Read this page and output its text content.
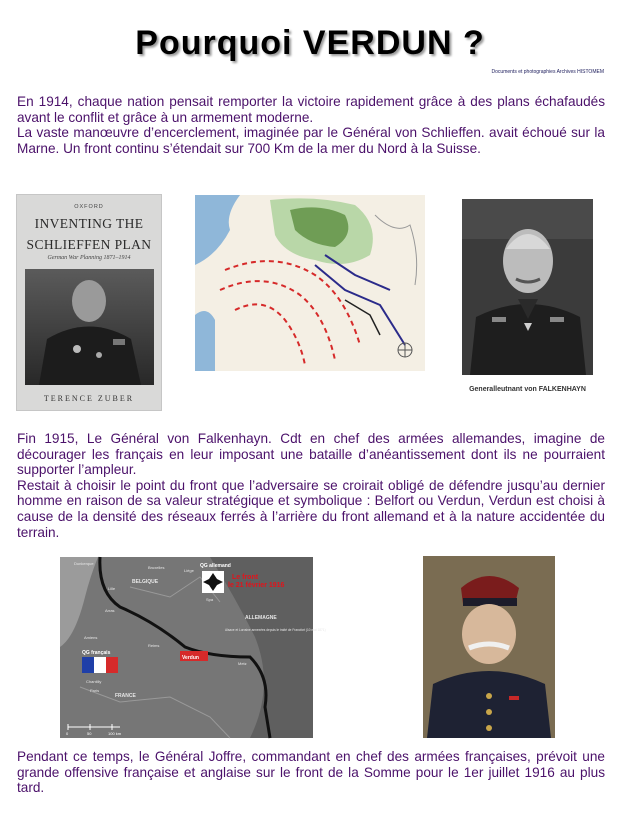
Pourquoi VERDUN ?
Documents et photographies Archives HISTOMEM

En 1914, chaque nation pensait remporter la victoire rapidement grâce à des plans échafaudés avant le conflit et grâce à un armement moderne.

La vaste manœuvre d’encerclement, imaginée par le Général von Schlieffen. avait échoué sur la Marne. Un front continu s’étendait sur 700 Km de la mer du Nord à la Suisse.

OXFORD
INVENTING THE
SCHLIEFFEN PLAN
German War Planning 1871–1914
TERENCE ZUBER
Generalleutnant von FALKENHAYN

Fin 1915, Le Général von Falkenhayn. Cdt en chef des armées allemandes, imagine de décourager les français en leur imposant une bataille d’anéantissement dont ils ne pourraient supporter l’ampleur.

Restait à choisir le point du front que l’adversaire se croirait obligé de défendre jusqu’au dernier homme en raison de sa valeur stratégique et symbolique : Belfort ou Verdun, Verdun est choisi à cause de la densité des réseaux ferrés à l’arrière du front allemand et à la nature accidentée du terrain.

Le front
le 21 février 1916
QG allemand
QG français
Verdun
ALLEMAGNE
Alsace et Lorraine annexées depuis le traité de Francfort (10 mai 1871)
BELGIQUE
FRANCE
Dunkerque
Bruxelles
Liège
Spa
Lille
Arras
Amiens
Reims
Chantilly
Paris
Metz
0	50	100 km

Pendant ce temps, le Général Joffre, commandant en chef des armées françaises, prévoit une grande offensive française et anglaise sur le front de la Somme pour le 1er juillet 1916 au plus tard.
